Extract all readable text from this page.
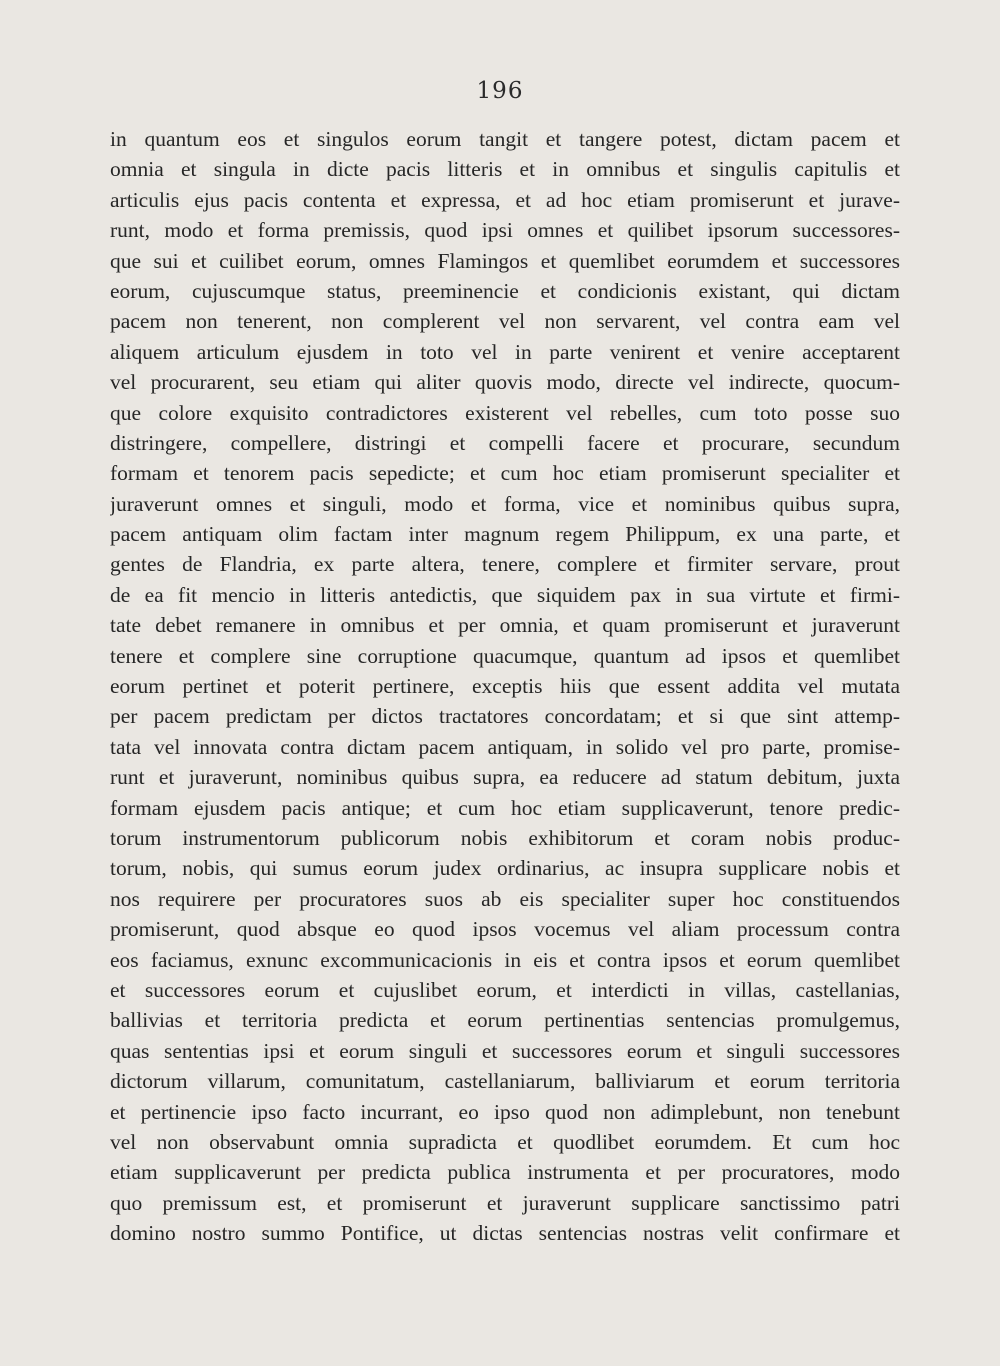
196
in quantum eos et singulos eorum tangit et tangere potest, dictam pacem et
omnia et singula in dicte pacis litteris et in omnibus et singulis capitulis et
articulis ejus pacis contenta et expressa, et ad hoc etiam promiserunt et jurave-
runt, modo et forma premissis, quod ipsi omnes et quilibet ipsorum successores-
que sui et cuilibet eorum, omnes Flamingos et quemlibet eorumdem et successores
eorum, cujuscumque status, preeminencie et condicionis existant, qui dictam
pacem non tenerent, non complerent vel non servarent, vel contra eam vel
aliquem articulum ejusdem in toto vel in parte venirent et venire acceptarent
vel procurarent, seu etiam qui aliter quovis modo, directe vel indirecte, quocum-
que colore exquisito contradictores existerent vel rebelles, cum toto posse suo
distringere, compellere, distringi et compelli facere et procurare, secundum
formam et tenorem pacis sepedicte; et cum hoc etiam promiserunt specialiter et
juraverunt omnes et singuli, modo et forma, vice et nominibus quibus supra,
pacem antiquam olim factam inter magnum regem Philippum, ex una parte, et
gentes de Flandria, ex parte altera, tenere, complere et firmiter servare, prout
de ea fit mencio in litteris antedictis, que siquidem pax in sua virtute et firmi-
tate debet remanere in omnibus et per omnia, et quam promiserunt et juraverunt
tenere et complere sine corruptione quacumque, quantum ad ipsos et quemlibet
eorum pertinet et poterit pertinere, exceptis hiis que essent addita vel mutata
per pacem predictam per dictos tractatores concordatam; et si que sint attemp-
tata vel innovata contra dictam pacem antiquam, in solido vel pro parte, promise-
runt et juraverunt, nominibus quibus supra, ea reducere ad statum debitum, juxta
formam ejusdem pacis antique; et cum hoc etiam supplicaverunt, tenore predic-
torum instrumentorum publicorum nobis exhibitorum et coram nobis produc-
torum, nobis, qui sumus eorum judex ordinarius, ac insupra supplicare nobis et
nos requirere per procuratores suos ab eis specialiter super hoc constituendos
promiserunt, quod absque eo quod ipsos vocemus vel aliam processum contra
eos faciamus, exnunc excommunicacionis in eis et contra ipsos et eorum quemlibet
et successores eorum et cujuslibet eorum, et interdicti in villas, castellanias,
ballivias et territoria predicta et eorum pertinentias sentencias promulgemus,
quas sententias ipsi et eorum singuli et successores eorum et singuli successores
dictorum villarum, comunitatum, castellaniarum, balliviarum et eorum territoria
et pertinencie ipso facto incurrant, eo ipso quod non adimplebunt, non tenebunt
vel non observabunt omnia supradicta et quodlibet eorumdem. Et cum hoc
etiam supplicaverunt per predicta publica instrumenta et per procuratores, modo
quo premissum est, et promiserunt et juraverunt supplicare sanctissimo patri
domino nostro summo Pontifice, ut dictas sentencias nostras velit confirmare et
